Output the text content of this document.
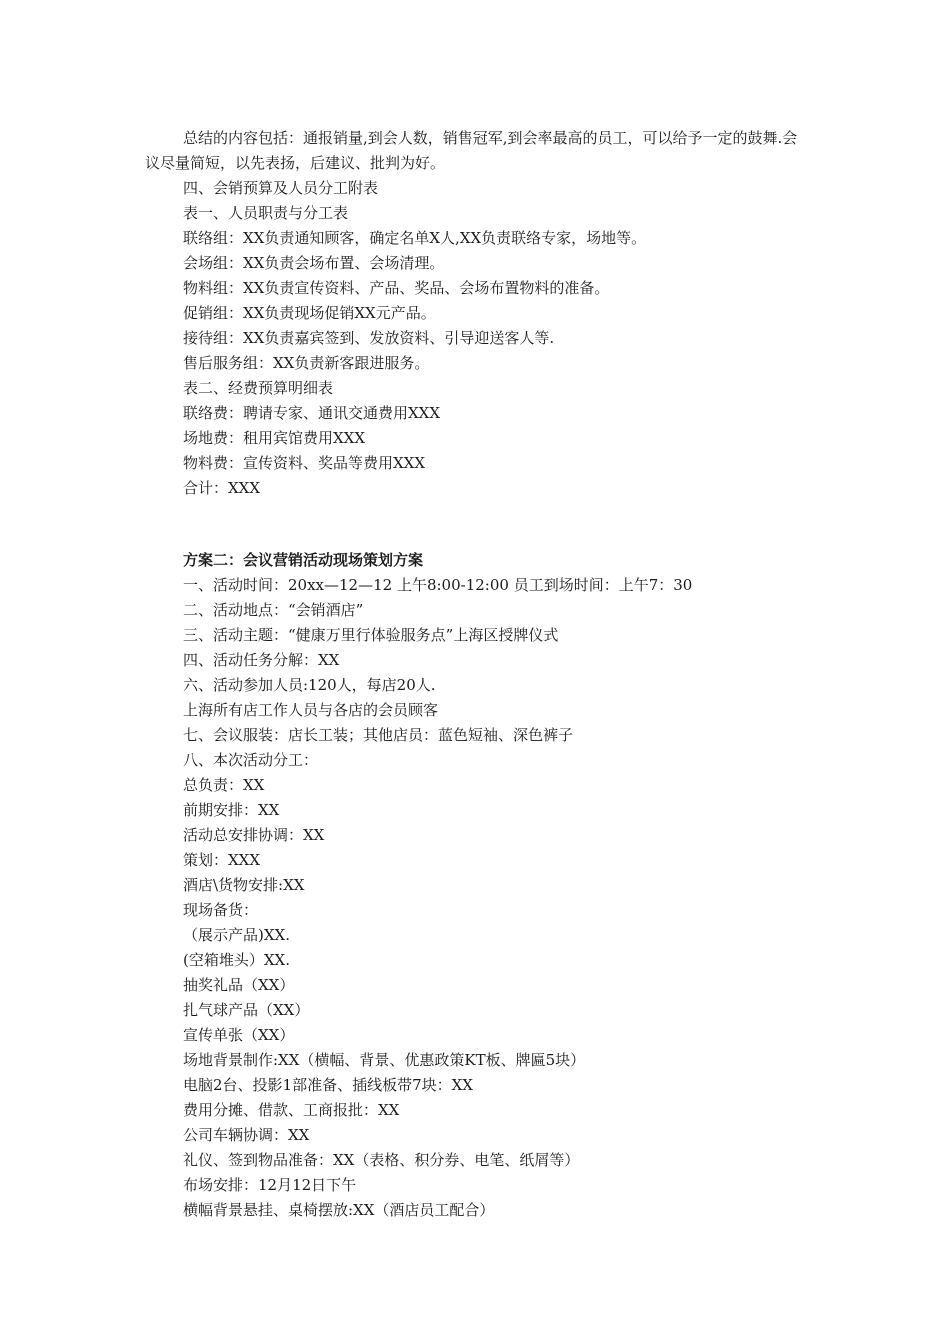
总结的内容包括：通报销量,到会人数，销售冠军,到会率最高的员工，可以给予一定的鼓舞.会议尽量简短，以先表扬，后建议、批判为好。

四、会销预算及人员分工附表
表一、人员职责与分工表
联络组：XX负责通知顾客，确定名单X人,XX负责联络专家，场地等。
会场组：XX负责会场布置、会场清理。
物料组：XX负责宣传资料、产品、奖品、会场布置物料的准备。
促销组：XX负责现场促销XX元产品。
接待组：XX负责嘉宾签到、发放资料、引导迎送客人等.
售后服务组：XX负责新客跟进服务。
表二、经费预算明细表
联络费：聘请专家、通讯交通费用XXX
场地费：租用宾馆费用XXX
物料费：宣传资料、奖品等费用XXX
合计：XXX
方案二：会议营销活动现场策划方案
一、活动时间：20xx—12—12 上午8:00-12:00 员工到场时间：上午7：30
二、活动地点：“会销酒店”
三、活动主题：“健康万里行体验服务点”上海区授牌仪式
四、活动任务分解：XX
六、活动参加人员:120人，每店20人.
上海所有店工作人员与各店的会员顾客
七、会议服装：店长工装；其他店员：蓝色短袖、深色裤子
八、本次活动分工：
总负责：XX
前期安排：XX
活动总安排协调：XX
策划：XXX
酒店\货物安排:XX
现场备货：
（展示产品)XX.
(空箱堆头）XX.
抽奖礼品（XX）
扎气球产品（XX）
宣传单张（XX）
场地背景制作:XX（横幅、背景、优惠政策KT板、牌匾5块）
电脑2台、投影1部准备、插线板带7块：XX
费用分摊、借款、工商报批：XX
公司车辆协调：XX
礼仪、签到物品准备：XX（表格、积分券、电笔、纸屑等）
布场安排：12月12日下午
横幅背景悬挂、桌椅摆放:XX（酒店员工配合）
